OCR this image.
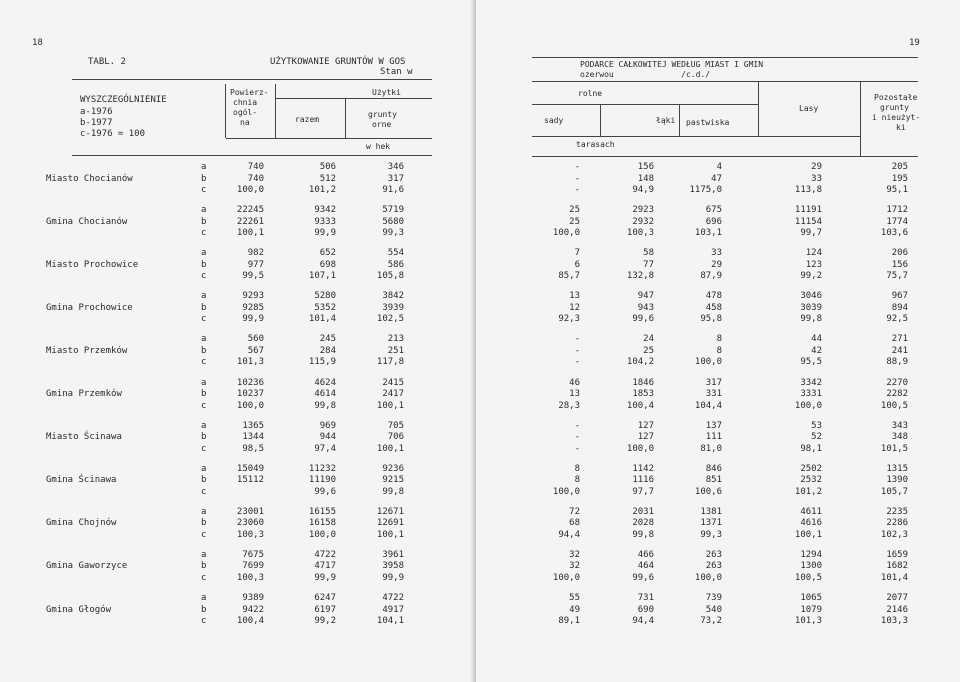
18
TABL. 2	UŻYTKOWANIE GRUNTÓW W GOS
Stan w
WYSZCZEGÓLNIENIE
a-1976
b-1977
c-1976 = 100
Powierz-
chnia
ogól-
na
Użytki
razem
grunty
orne
w hek
Miasto Chocianów
a
b
c
740
740
100,0
506
512
101,2
346
317
91,6
Gmina Chocianów
a
b
c
22245
22261
100,1
9342
9333
99,9
5719
5680
99,3
Miasto Prochowice
a
b
c
982
977
99,5
652
698
107,1
554
586
105,8
Gmina Prochowice
a
b
c
9293
9285
99,9
5280
5352
101,4
3842
3939
102,5
Miasto Przemków
a
b
c
560
567
101,3
245
284
115,9
213
251
117,8
Gmina Przemków
a
b
c
10236
10237
100,0
4624
4614
99,8
2415
2417
100,1
Miasto Ścinawa
a
b
c
1365
1344
98,5
969
944
97,4
705
706
100,1
Gmina Ścinawa
a
b
c
15049
15112
11232
11190
99,6
9236
9215
99,8
Gmina Chojnów
a
b
c
23001
23060
100,3
16155
16158
100,0
12671
12691
100,1
Gmina Gaworzyce
a
b
c
7675
7699
100,3
4722
4717
99,9
3961
3958
99,9
Gmina Głogów
a
b
c
9389
9422
100,4
6247
6197
99,2
4722
4917
104,1
19
PODARCE CAŁKOWITEJ WEDŁUG MIAST I GMIN
ozerwou              /c.d./
rolne
sady	łąki pastwiska
Lasy
Pozostałe
grunty
i nieużyt-
ki
tarasach
-
-
-
156
148
94,9
4
47
1175,0
29
33
113,8
205
195
95,1
25
25
100,0
2923
2932
100,3
675
696
103,1
11191
11154
99,7
1712
1774
103,6
7
6
85,7
58
77
132,8
33
29
87,9
124
123
99,2
206
156
75,7
13
12
92,3
947
943
99,6
478
458
95,8
3046
3039
99,8
967
894
92,5
-
-
-
24
25
104,2
8
8
100,0
44
42
95,5
271
241
88,9
46
13
28,3
1846
1853
100,4
317
331
104,4
3342
3331
100,0
2270
2282
100,5
-
-
-
127
127
100,0
137
111
81,0
53
52
98,1
343
348
101,5
8
8
100,0
1142
1116
97,7
846
851
100,6
2502
2532
101,2
1315
1390
105,7
72
68
94,4
2031
2028
99,8
1381
1371
99,3
4611
4616
100,1
2235
2286
102,3
32
32
100,0
466
464
99,6
263
263
100,0
1294
1300
100,5
1659
1682
101,4
55
49
89,1
731
690
94,4
739
540
73,2
1065
1079
101,3
2077
2146
103,3
